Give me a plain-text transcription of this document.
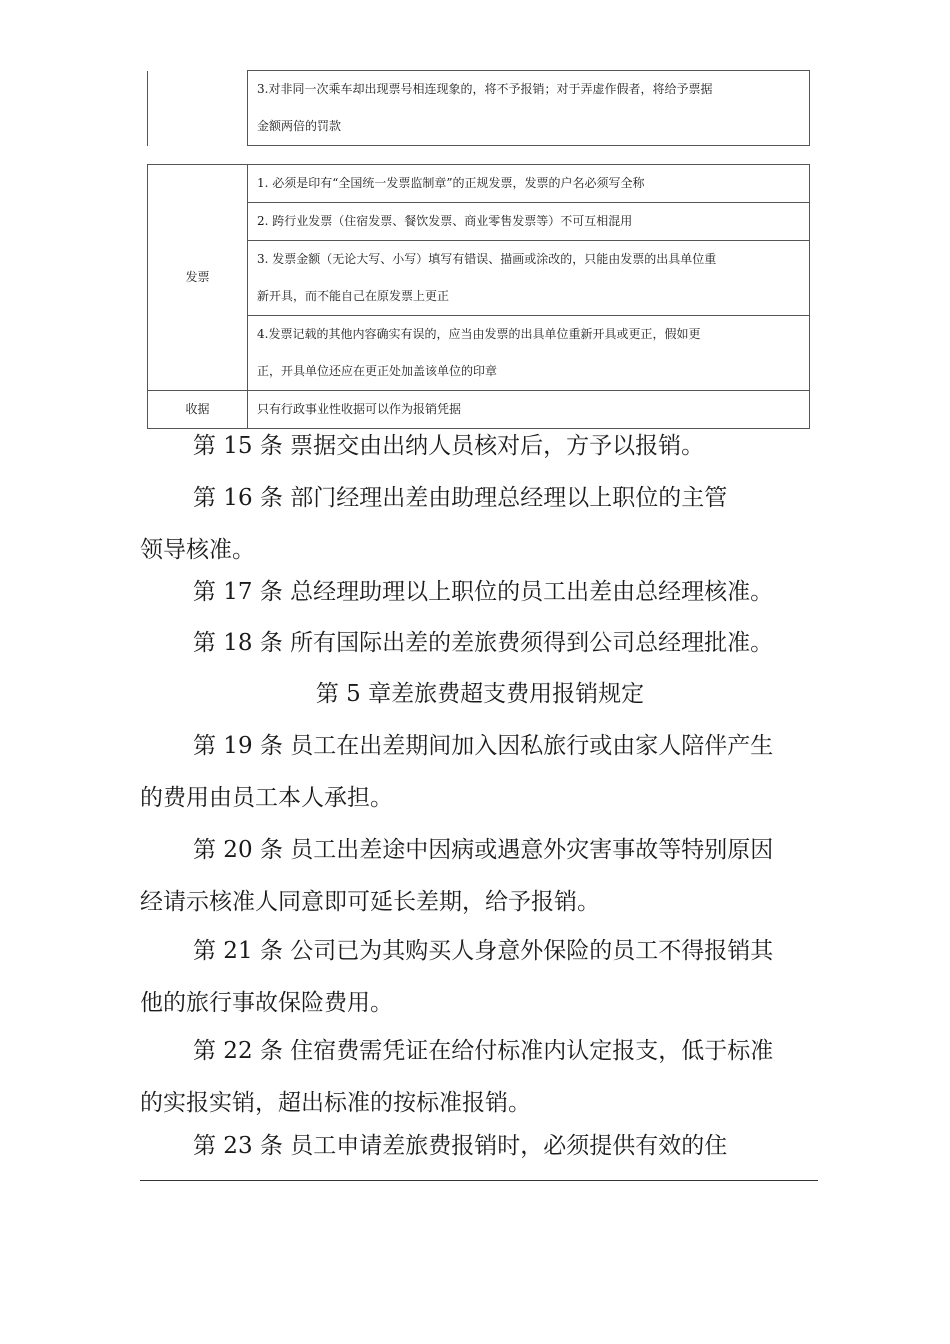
3.对非同一次乘车却出现票号相连现象的，将不予报销；对于弄虚作假者，将给予票据
金额两倍的罚款
发票	1. 必须是印有“全国统一发票监制章”的正规发票，发票的户名必须写全称
	2. 跨行业发票（住宿发票、餐饮发票、商业零售发票等）不可互相混用

	3. 发票金额（无论大写、小写）填写有错误、描画或涂改的，只能由发票的出具单位重
新开具，而不能自己在原发票上更正

	4.发票记载的其他内容确实有误的，应当由发票的出具单位重新开具或更正，假如更
正，开具单位还应在更正处加盖该单位的印章

收据	只有行政事业性收据可以作为报销凭据

第 15 条 票据交由出纳人员核对后，方予以报销。

第 16 条 部门经理出差由助理总经理以上职位的主管
领导核准。

第 17 条 总经理助理以上职位的员工出差由总经理核准。

第 18 条 所有国际出差的差旅费须得到公司总经理批准。

第 5 章差旅费超支费用报销规定

第 19 条 员工在出差期间加入因私旅行或由家人陪伴产生
的费用由员工本人承担。

第 20 条 员工出差途中因病或遇意外灾害事故等特别原因
经请示核准人同意即可延长差期，给予报销。

第 21 条 公司已为其购买人身意外保险的员工不得报销其
他的旅行事故保险费用。

第 22 条 住宿费需凭证在给付标准内认定报支，低于标准
的实报实销，超出标准的按标准报销。

第 23 条 员工申请差旅费报销时，必须提供有效的住
